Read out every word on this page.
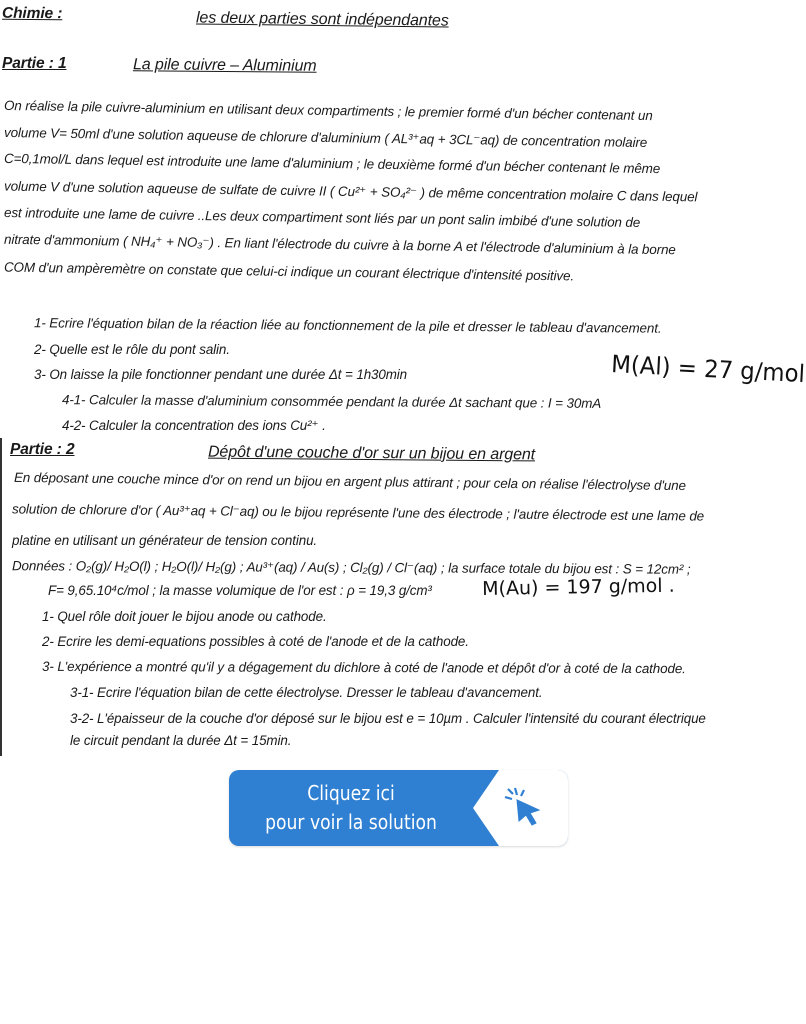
Chimie :	les deux parties sont indépendantes
Partie : 1	La pile cuivre – Aluminium
On réalise la pile cuivre-aluminium en utilisant deux compartiments ; le premier formé d'un bécher contenant un
volume V= 50ml d'une solution aqueuse de chlorure d'aluminium ( AL³⁺aq + 3CL⁻aq) de concentration molaire
C=0,1mol/L dans lequel est introduite une lame d'aluminium ; le deuxième formé d'un bécher contenant le même
volume V d'une solution aqueuse de sulfate de cuivre II ( Cu²⁺ + SO₄²⁻ ) de même concentration molaire C dans lequel
est introduite une lame de cuivre ..Les deux compartiment sont liés par un pont salin imbibé d'une solution de
nitrate d'ammonium ( NH₄⁺ + NO₃⁻) . En liant l'électrode du cuivre à la borne A et l'électrode d'aluminium à la borne
COM d'un ampèremètre on constate que celui-ci indique un courant électrique d'intensité positive.
1- Ecrire l'équation bilan de la réaction liée au fonctionnement de la pile et dresser le tableau d'avancement.
2- Quelle est le rôle du pont salin.
3- On laisse la pile fonctionner pendant une durée Δt = 1h30min
4-1- Calculer la masse d'aluminium consommée pendant la durée Δt sachant que : I = 30mA
4-2- Calculer la concentration des ions Cu²⁺ .
M(Al) = 27 g/mol
Partie : 2	Dépôt d'une couche d'or sur un bijou en argent
En déposant une couche mince d'or on rend un bijou en argent plus attirant ; pour cela on réalise l'électrolyse d'une
solution de chlorure d'or ( Au³⁺aq + Cl⁻aq) ou le bijou représente l'une des électrode ; l'autre électrode est une lame de
platine en utilisant un générateur de tension continu.
Données : O₂(g)/ H₂O(l) ; H₂O(l)/ H₂(g) ; Au³⁺(aq) / Au(s) ; Cl₂(g) / Cl⁻(aq) ; la surface totale du bijou est : S = 12cm² ;
F= 9,65.10⁴c/mol ; la masse volumique de l'or est : ρ = 19,3 g/cm³	M(Au) = 197 g/mol .
1- Quel rôle doit jouer le bijou anode ou cathode.
2- Ecrire les demi-equations possibles à coté de l'anode et de la cathode.
3- L'expérience a montré qu'il y a dégagement du dichlore à coté de l'anode et dépôt d'or à coté de la cathode.
3-1- Ecrire l'équation bilan de cette électrolyse. Dresser le tableau d'avancement.
3-2- L'épaisseur de la couche d'or déposé sur le bijou est e = 10µm . Calculer l'intensité du courant électrique
le circuit pendant la durée Δt = 15min.
Cliquez ici
pour voir la solution
